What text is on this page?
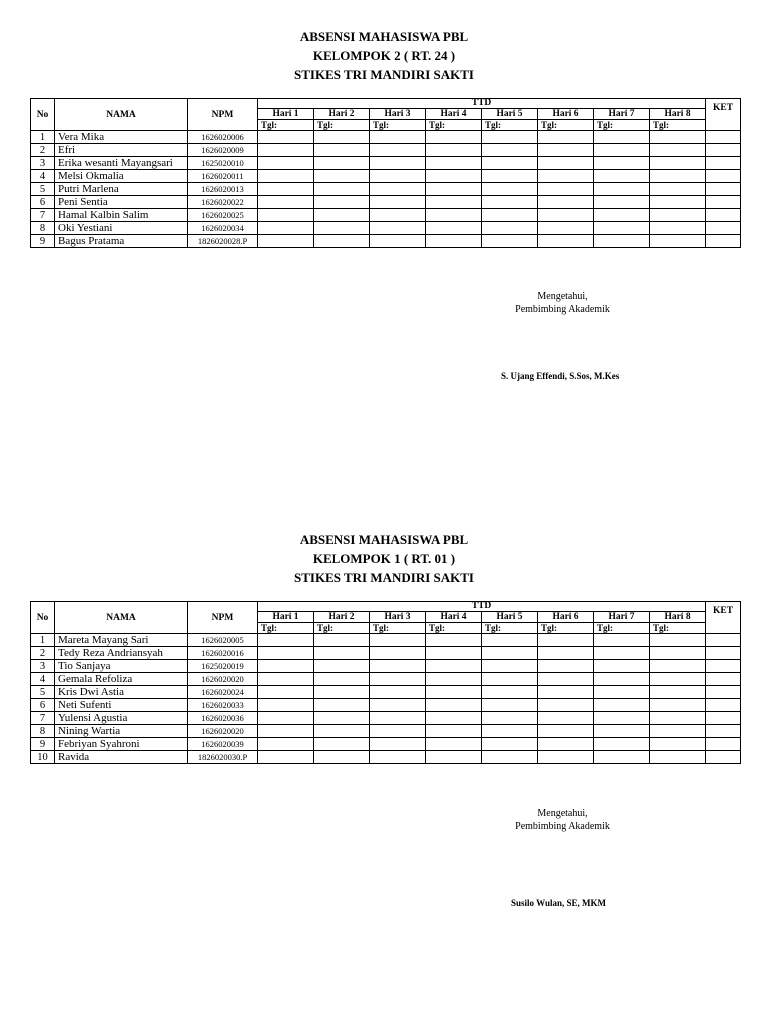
ABSENSI MAHASISWA PBL
KELOMPOK 2 ( RT. 24 )
STIKES TRI MANDIRI SAKTI
No	NAMA	NPM	TTD								KET
			Hari 1	Hari 2	Hari 3	Hari 4	Hari 5	Hari 6	Hari 7	Hari 8	
			Tgl:	Tgl:	Tgl:	Tgl:	Tgl:	Tgl:	Tgl:	Tgl:	
1	Vera Mika	1626020006									
2	Efri	1626020009									
3	Erika wesanti Mayangsari	1625020010									
4	Melsi Okmalia	1626020011									
5	Putri Marlena	1626020013									
6	Peni Sentia	1626020022									
7	Hamal Kalbin Salim	1626020025									
8	Oki Yestiani	1626020034									
9	Bagus Pratama	1826020028.P									
Mengetahui,
Pembimbing Akademik
S. Ujang Effendi, S.Sos, M.Kes
ABSENSI MAHASISWA PBL
KELOMPOK 1 ( RT. 01 )
STIKES TRI MANDIRI SAKTI
No	NAMA	NPM	TTD								KET
			Hari 1	Hari 2	Hari 3	Hari 4	Hari 5	Hari 6	Hari 7	Hari 8	
			Tgl:	Tgl:	Tgl:	Tgl:	Tgl:	Tgl:	Tgl:	Tgl:	
1	Mareta Mayang Sari	1626020005									
2	Tedy Reza Andriansyah	1626020016									
3	Tio Sanjaya	1625020019									
4	Gemala Refoliza	1626020020									
5	Kris Dwi Astia	1626020024									
6	Neti Sufenti	1626020033									
7	Yulensi Agustia	1626020036									
8	Nining Wartia	1626020020									
9	Febriyan Syahroni	1626020039									
10	Ravida	1826020030.P									
Mengetahui,
Pembimbing Akademik
Susilo Wulan, SE, MKM
